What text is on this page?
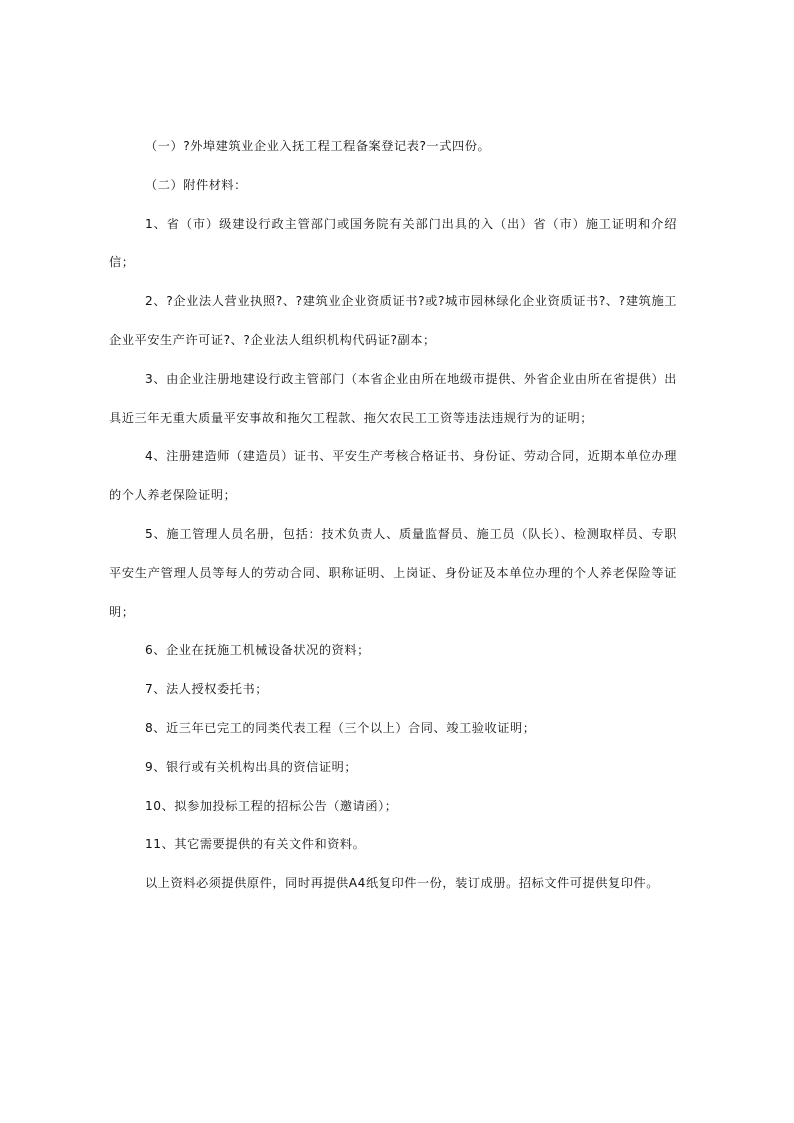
（一）?外埠建筑业企业入抚工程工程备案登记表?一式四份。

（二）附件材料：

1、省（市）级建设行政主管部门或国务院有关部门出具的入（出）省（市）施工证明和介绍信；

2、?企业法人营业执照?、?建筑业企业资质证书?或?城市园林绿化企业资质证书?、?建筑施工企业平安生产许可证?、?企业法人组织机构代码证?副本；

3、由企业注册地建设行政主管部门（本省企业由所在地级市提供、外省企业由所在省提供）出具近三年无重大质量平安事故和拖欠工程款、拖欠农民工工资等违法违规行为的证明；

4、注册建造师（建造员）证书、平安生产考核合格证书、身份证、劳动合同，近期本单位办理的个人养老保险证明；

5、施工管理人员名册，包括：技术负责人、质量监督员、施工员（队长）、检测取样员、专职平安生产管理人员等每人的劳动合同、职称证明、上岗证、身份证及本单位办理的个人养老保险等证明；

6、企业在抚施工机械设备状况的资料；

7、法人授权委托书；

8、近三年已完工的同类代表工程（三个以上）合同、竣工验收证明；

9、银行或有关机构出具的资信证明；

10、拟参加投标工程的招标公告（邀请函）；

11、其它需要提供的有关文件和资料。

以上资料必须提供原件，同时再提供A4纸复印件一份，装订成册。招标文件可提供复印件。
